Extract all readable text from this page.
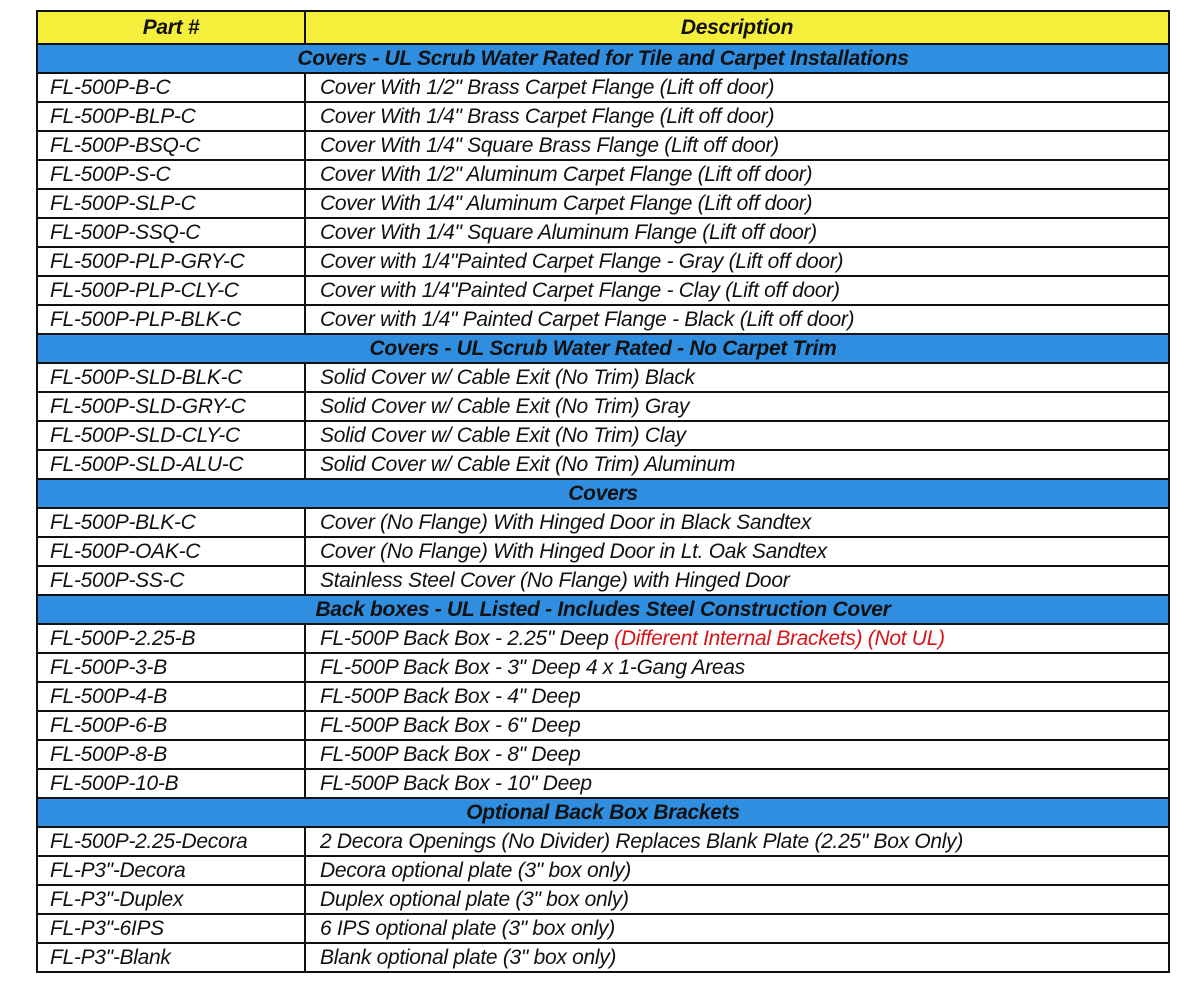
Part #	Description
Covers - UL Scrub Water Rated for Tile and Carpet Installations	
FL-500P-B-C	Cover With 1/2" Brass Carpet Flange (Lift off door)
FL-500P-BLP-C	Cover With 1/4" Brass Carpet Flange (Lift off door)
FL-500P-BSQ-C	Cover With 1/4" Square Brass Flange (Lift off door)
FL-500P-S-C	Cover With 1/2" Aluminum Carpet Flange (Lift off door)
FL-500P-SLP-C	Cover With 1/4" Aluminum Carpet Flange (Lift off door)
FL-500P-SSQ-C	Cover With 1/4" Square Aluminum Flange (Lift off door)
FL-500P-PLP-GRY-C	Cover with 1/4"Painted Carpet Flange - Gray (Lift off door)
FL-500P-PLP-CLY-C	Cover with 1/4"Painted Carpet Flange - Clay (Lift off door)
FL-500P-PLP-BLK-C	Cover with 1/4" Painted Carpet Flange - Black (Lift off door)
Covers - UL Scrub Water Rated - No Carpet Trim	
FL-500P-SLD-BLK-C	Solid Cover w/ Cable Exit (No Trim) Black
FL-500P-SLD-GRY-C	Solid Cover w/ Cable Exit (No Trim) Gray
FL-500P-SLD-CLY-C	Solid Cover w/ Cable Exit (No Trim) Clay
FL-500P-SLD-ALU-C	Solid Cover w/ Cable Exit (No Trim) Aluminum
Covers	
FL-500P-BLK-C	Cover (No Flange) With Hinged Door in Black Sandtex
FL-500P-OAK-C	Cover (No Flange) With Hinged Door in Lt. Oak Sandtex
FL-500P-SS-C	Stainless Steel Cover (No Flange) with Hinged Door
Back boxes - UL Listed - Includes Steel Construction Cover	
FL-500P-2.25-B	FL-500P Back Box - 2.25" Deep (Different Internal Brackets) (Not UL)
FL-500P-3-B	FL-500P Back Box - 3" Deep 4 x 1-Gang Areas
FL-500P-4-B	FL-500P Back Box - 4" Deep
FL-500P-6-B	FL-500P Back Box - 6" Deep
FL-500P-8-B	FL-500P Back Box - 8" Deep
FL-500P-10-B	FL-500P Back Box - 10" Deep
Optional Back Box Brackets	
FL-500P-2.25-Decora	2 Decora Openings (No Divider) Replaces Blank Plate (2.25" Box Only)
FL-P3"-Decora	Decora optional plate (3" box only)
FL-P3"-Duplex	Duplex optional plate (3" box only)
FL-P3"-6IPS	6 IPS optional plate (3" box only)
FL-P3"-Blank	Blank optional plate (3" box only)
